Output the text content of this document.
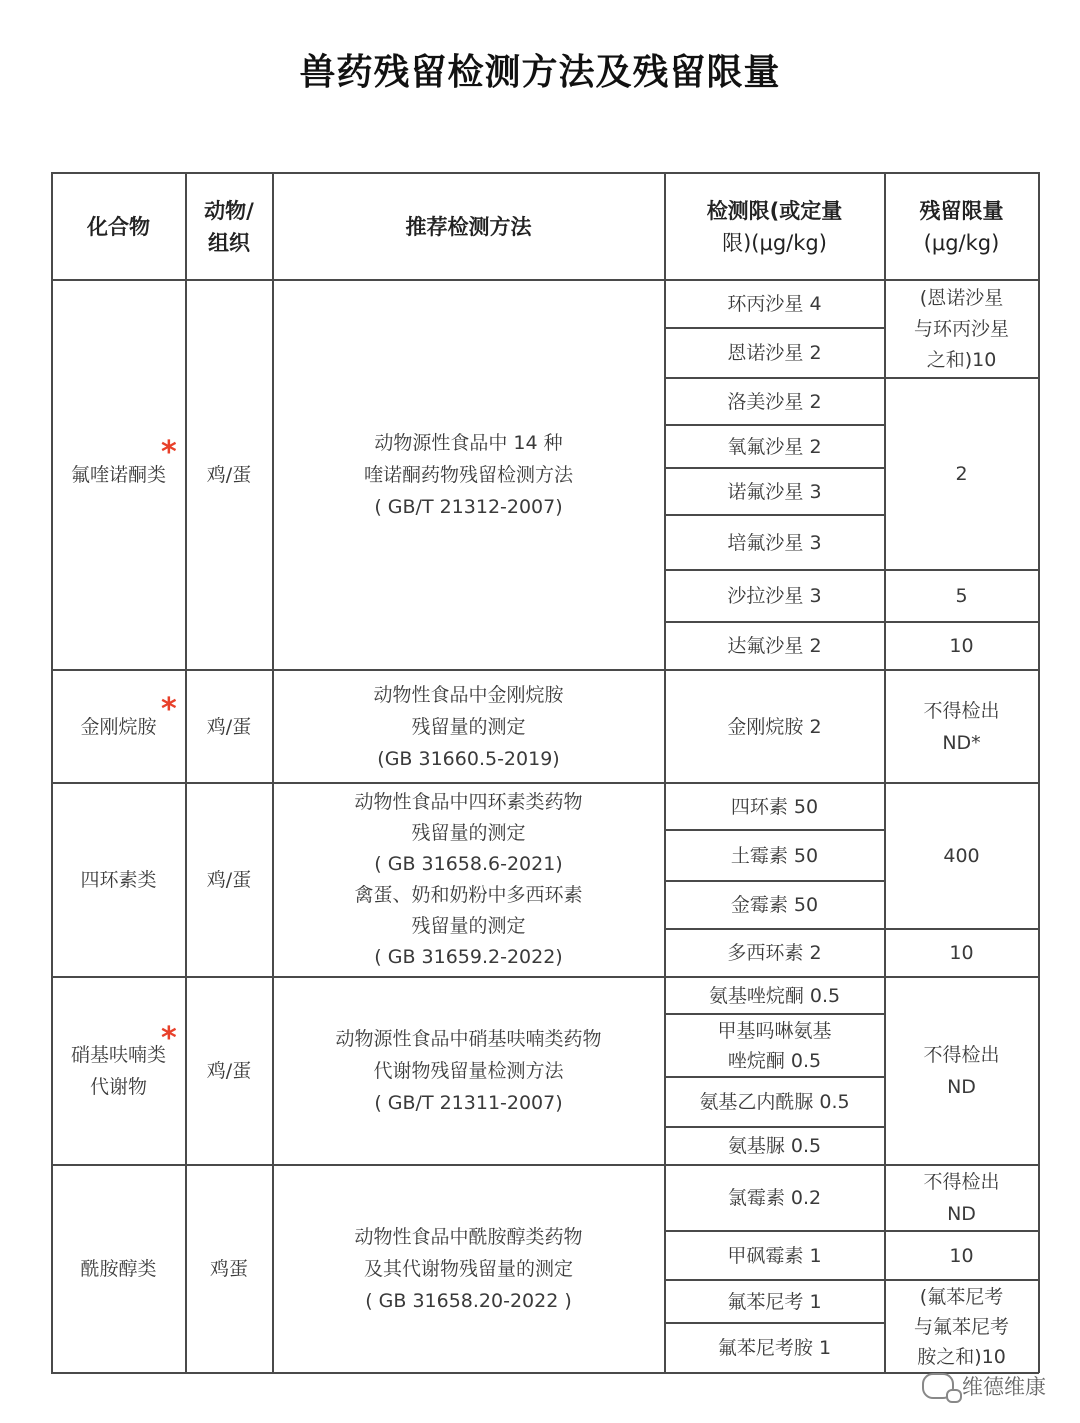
兽药残留检测方法及残留限量
化合物
动物/
组织
推荐检测方法
检测限(或定量
限)(μg/kg)
残留限量
(μg/kg)
氟喹诺酮类
*
鸡/蛋
动物源性食品中 14 种
喹诺酮药物残留检测方法
( GB/T 21312-2007)
环丙沙星 4
恩诺沙星 2
洛美沙星 2
氧氟沙星 2
诺氟沙星 3
培氟沙星 3
沙拉沙星 3
达氟沙星 2
(恩诺沙星
与环丙沙星
之和)10
2
5
10
金刚烷胺 * 鸡/蛋
动物性食品中金刚烷胺
残留量的测定
(GB 31660.5-2019)
金刚烷胺 2
不得检出
ND*
四环素类	鸡/蛋
动物性食品中四环素类药物
残留量的测定
( GB 31658.6-2021)
禽蛋、奶和奶粉中多西环素
残留量的测定
( GB 31659.2-2022)
四环素 50
土霉素 50
金霉素 50
多西环素 2
400
10
硝基呋喃类
代谢物
*
鸡/蛋
动物源性食品中硝基呋喃类药物
代谢物残留量检测方法
( GB/T 21311-2007)
氨基唑烷酮 0.5
甲基吗啉氨基
唑烷酮 0.5
氨基乙内酰脲 0.5
氨基脲 0.5
不得检出
ND
酰胺醇类	鸡蛋
动物性食品中酰胺醇类药物
及其代谢物残留量的测定
( GB 31658.20-2022 )
氯霉素 0.2
甲砜霉素 1
氟苯尼考 1
氟苯尼考胺 1
不得检出
ND
10
(氟苯尼考
与氟苯尼考
胺之和)10
维德维康
